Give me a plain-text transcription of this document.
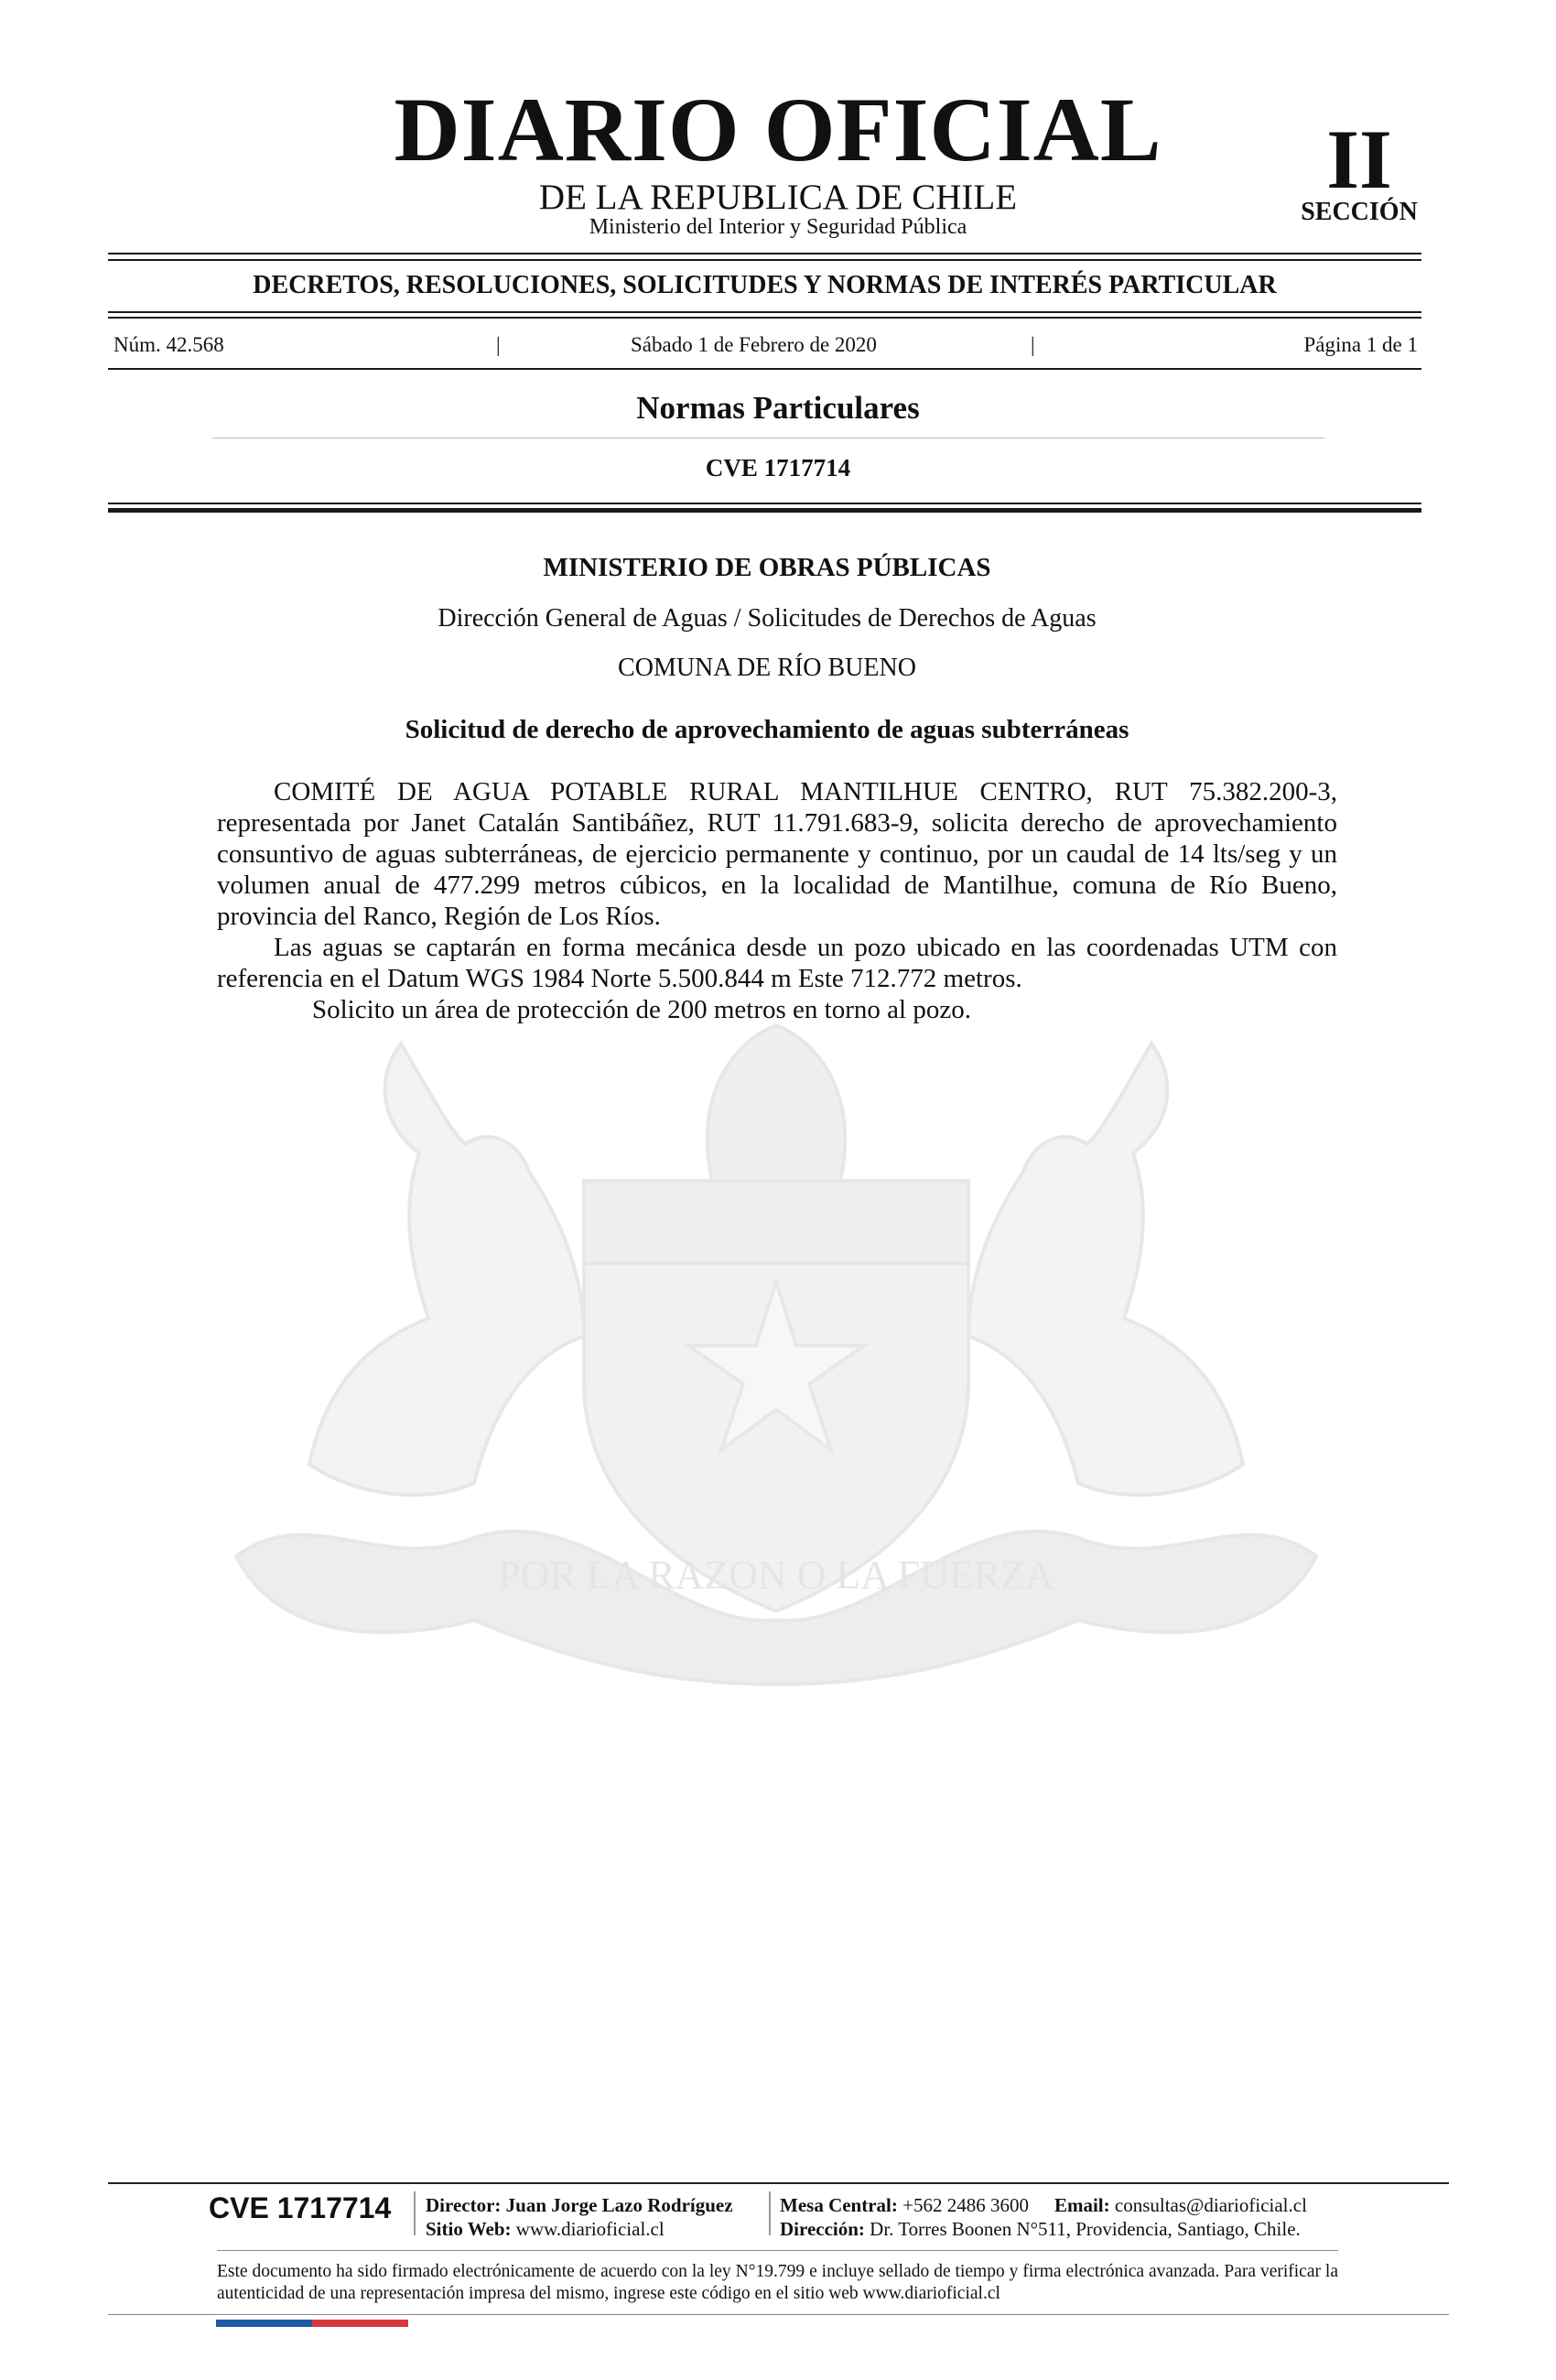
POR LA RAZON O LA FUERZA
DIARIO OFICIAL
DE LA REPUBLICA DE CHILE
Ministerio del Interior y Seguridad Pública
II
SECCIÓN
DECRETOS, RESOLUCIONES, SOLICITUDES Y NORMAS DE INTERÉS PARTICULAR
Núm. 42.568	|	Sábado 1 de Febrero de 2020	|	Página 1 de 1
Normas Particulares
CVE 1717714
MINISTERIO DE OBRAS PÚBLICAS
Dirección General de Aguas / Solicitudes de Derechos de Aguas
COMUNA DE RÍO BUENO
Solicitud de derecho de aprovechamiento de aguas subterráneas

COMITÉ DE AGUA POTABLE RURAL MANTILHUE CENTRO, RUT 75.382.200-3, representada por Janet Catalán Santibáñez, RUT 11.791.683-9, solicita derecho de aprovechamiento consuntivo de aguas subterráneas, de ejercicio permanente y continuo, por un caudal de 14 lts/seg y un volumen anual de 477.299 metros cúbicos, en la localidad de Mantilhue, comuna de Río Bueno, provincia del Ranco, Región de Los Ríos.

Las aguas se captarán en forma mecánica desde un pozo ubicado en las coordenadas UTM con referencia en el Datum WGS 1984 Norte 5.500.844 m Este 712.772 metros.

Solicito un área de protección de 200 metros en torno al pozo.

CVE 1717714 Director: Juan Jorge Lazo Rodríguez
Sitio Web: www.diarioficial.cl
Mesa Central: +562 2486 3600 Email: consultas@diarioficial.cl
Dirección: Dr. Torres Boonen N°511, Providencia, Santiago, Chile.
Este documento ha sido firmado electrónicamente de acuerdo con la ley N°19.799 e incluye sellado de tiempo y firma electrónica avanzada. Para verificar la autenticidad de una representación impresa del mismo, ingrese este código en el sitio web www.diarioficial.cl
